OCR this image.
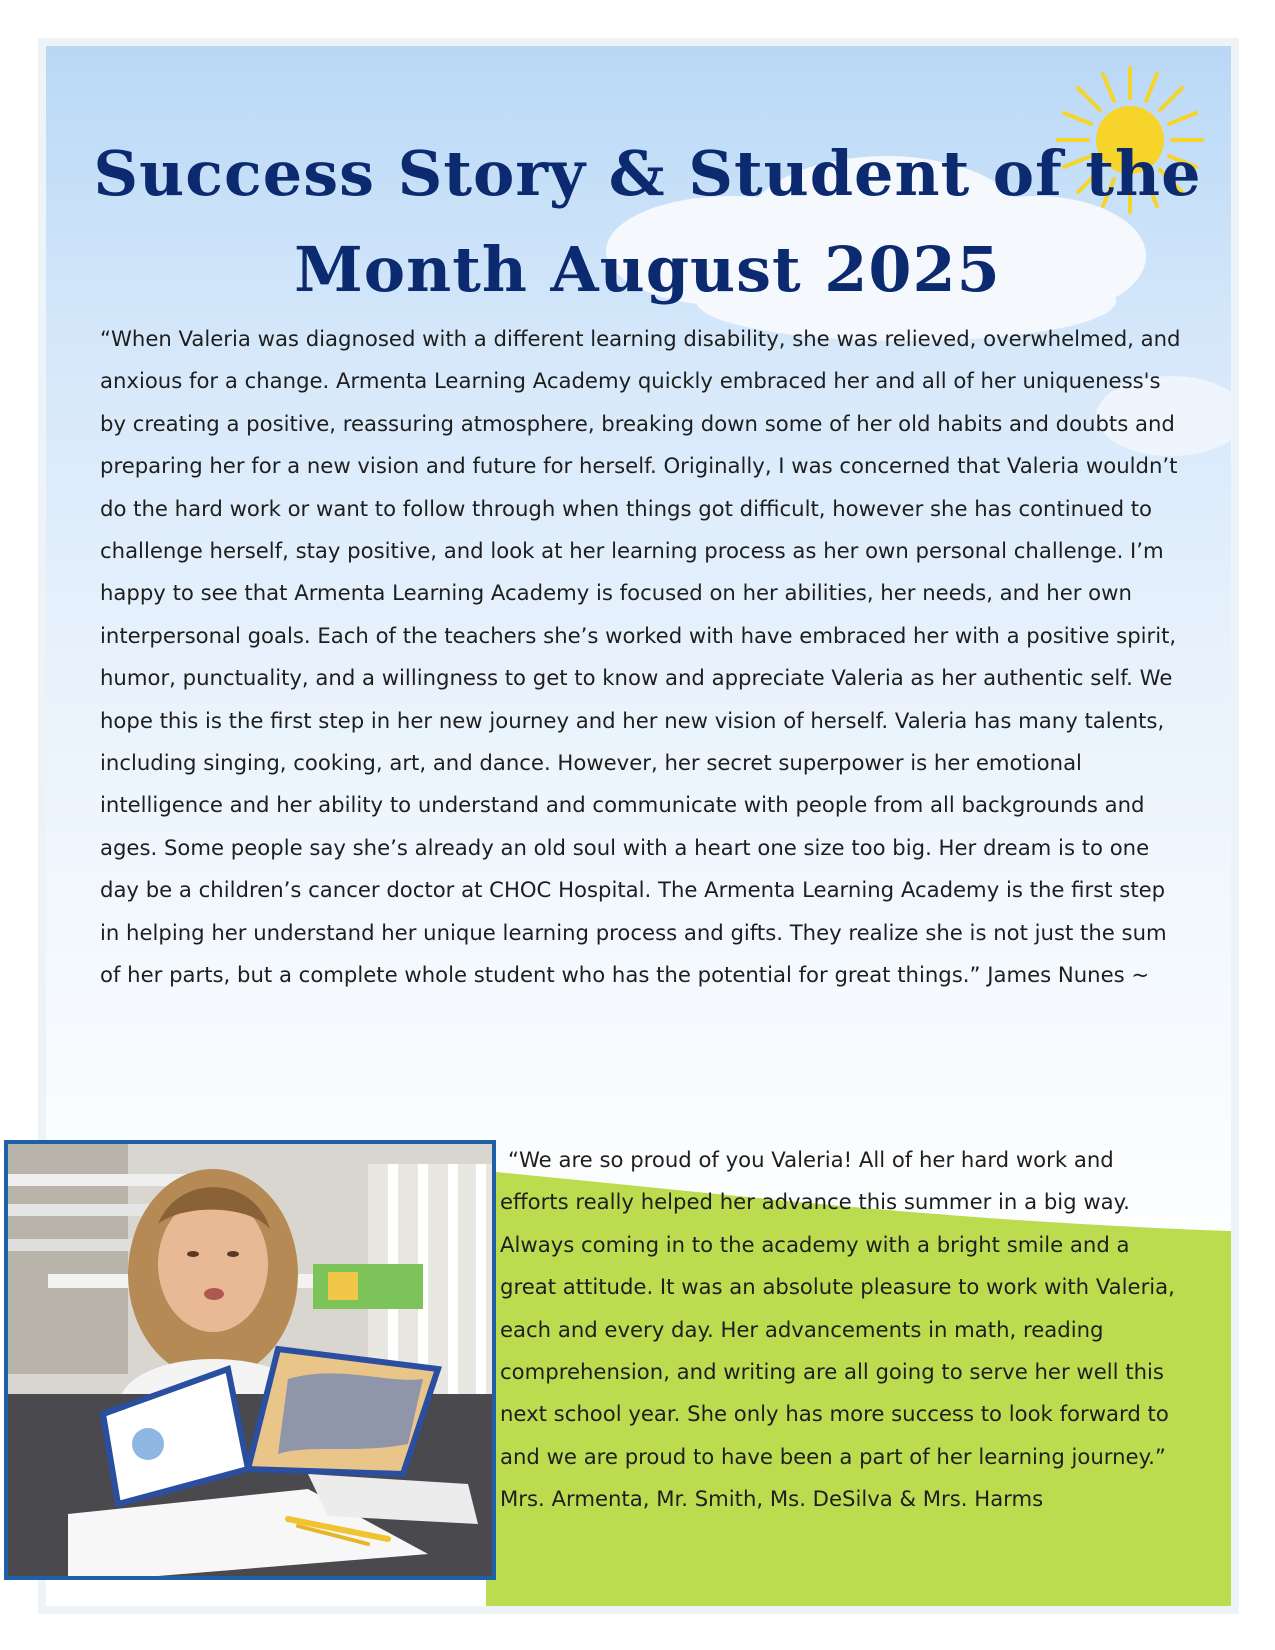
Success Story & Student of the Month August 2025

“When Valeria was diagnosed with a different learning disability, she was relieved, overwhelmed, and anxious for a change. Armenta Learning Academy quickly embraced her and all of her uniqueness's by creating a positive, reassuring atmosphere, breaking down some of her old habits and doubts and preparing her for a new vision and future for herself. Originally, I was concerned that Valeria wouldn’t do the hard work or want to follow through when things got difficult, however she has continued to challenge herself, stay positive, and look at her learning process as her own personal challenge. I’m happy to see that Armenta Learning Academy is focused on her abilities, her needs, and her own interpersonal goals. Each of the teachers she’s worked with have embraced her with a positive spirit, humor, punctuality, and a willingness to get to know and appreciate Valeria as her authentic self. We hope this is the first step in her new journey and her new vision of herself. Valeria has many talents, including singing, cooking, art, and dance. However, her secret superpower is her emotional intelligence and her ability to understand and communicate with people from all backgrounds and ages. Some people say she’s already an old soul with a heart one size too big. Her dream is to one day be a children’s cancer doctor at CHOC Hospital. The Armenta Learning Academy is the first step in helping her understand her unique learning process and gifts. They realize she is not just the sum of her parts, but a complete whole student who has the potential for great things.” James Nunes ~

“We are so proud of you Valeria! All of her hard work and efforts really helped her advance this summer in a big way. Always coming in to the academy with a bright smile and a great attitude. It was an absolute pleasure to work with Valeria, each and every day. Her advancements in math, reading comprehension, and writing are all going to serve her well this next school year. She only has more success to look forward to and we are proud to have been a part of her learning journey.” Mrs. Armenta, Mr. Smith, Ms. DeSilva & Mrs. Harms
